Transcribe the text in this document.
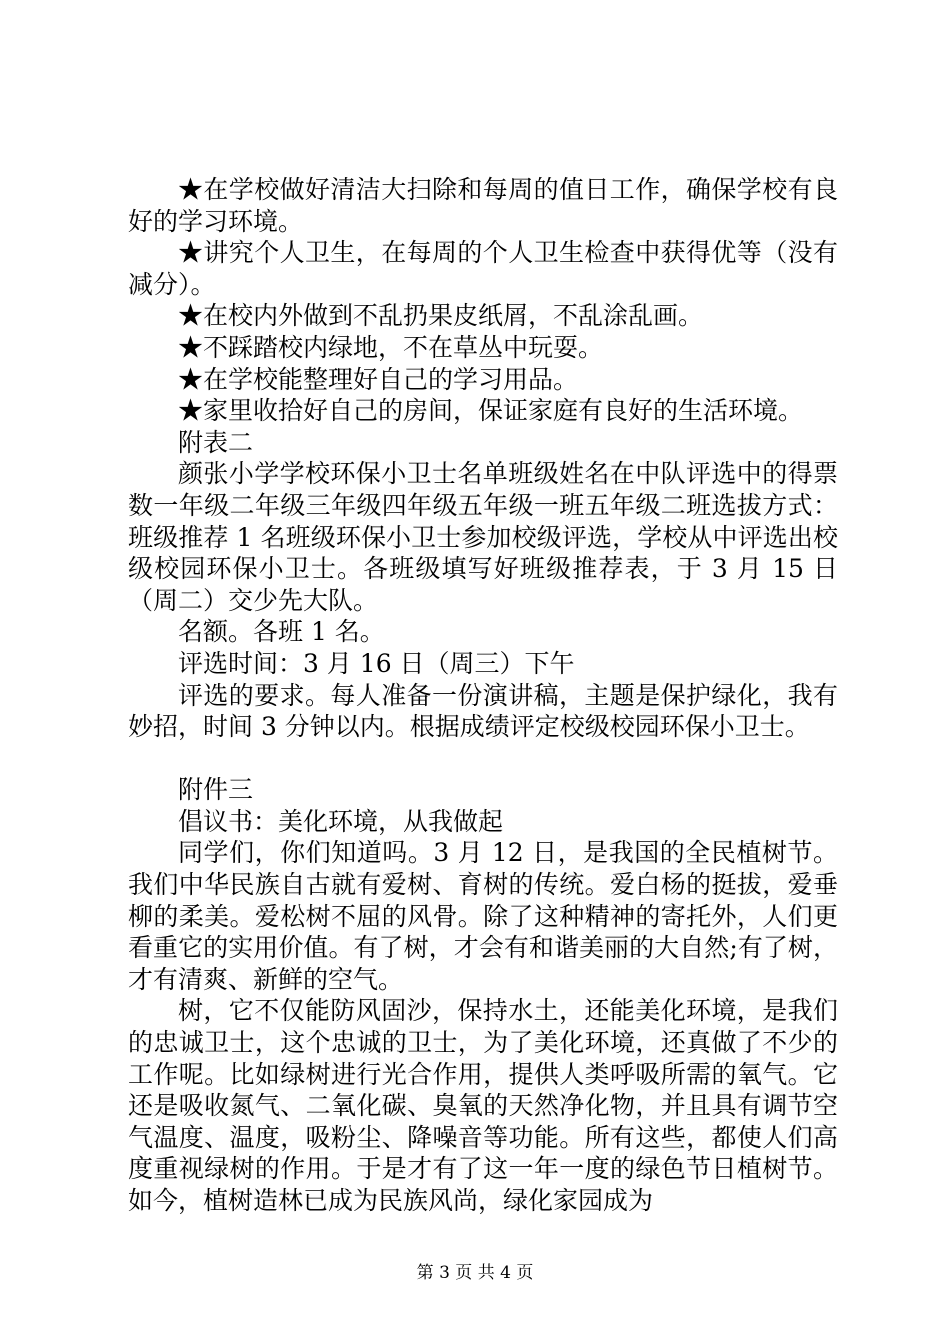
★在学校做好清洁大扫除和每周的值日工作，确保学校有良好的学习环境。

★讲究个人卫生，在每周的个人卫生检查中获得优等（没有减分）。

★在校内外做到不乱扔果皮纸屑，不乱涂乱画。

★不踩踏校内绿地，不在草丛中玩耍。

★在学校能整理好自己的学习用品。

★家里收拾好自己的房间，保证家庭有良好的生活环境。

附表二

颜张小学学校环保小卫士名单班级姓名在中队评选中的得票数一年级二年级三年级四年级五年级一班五年级二班选拔方式：班级推荐 1 名班级环保小卫士参加校级评选，学校从中评选出校级校园环保小卫士。各班级填写好班级推荐表，于 3 月 15 日（周二）交少先大队。

名额。各班 1 名。

评选时间：3 月 16 日（周三）下午

评选的要求。每人准备一份演讲稿，主题是保护绿化，我有妙招，时间 3 分钟以内。根据成绩评定校级校园环保小卫士。

附件三

倡议书：美化环境，从我做起

同学们，你们知道吗。3 月 12 日，是我国的全民植树节。我们中华民族自古就有爱树、育树的传统。爱白杨的挺拔，爱垂柳的柔美。爱松树不屈的风骨。除了这种精神的寄托外，人们更看重它的实用价值。有了树，才会有和谐美丽的大自然;有了树，才有清爽、新鲜的空气。

树，它不仅能防风固沙，保持水土，还能美化环境，是我们的忠诚卫士，这个忠诚的卫士，为了美化环境，还真做了不少的工作呢。比如绿树进行光合作用，提供人类呼吸所需的氧气。它还是吸收氮气、二氧化碳、臭氧的天然净化物，并且具有调节空气温度、温度，吸粉尘、降噪音等功能。所有这些，都使人们高度重视绿树的作用。于是才有了这一年一度的绿色节日植树节。如今，植树造林已成为民族风尚，绿化家园成为

第 3 页 共 4 页
